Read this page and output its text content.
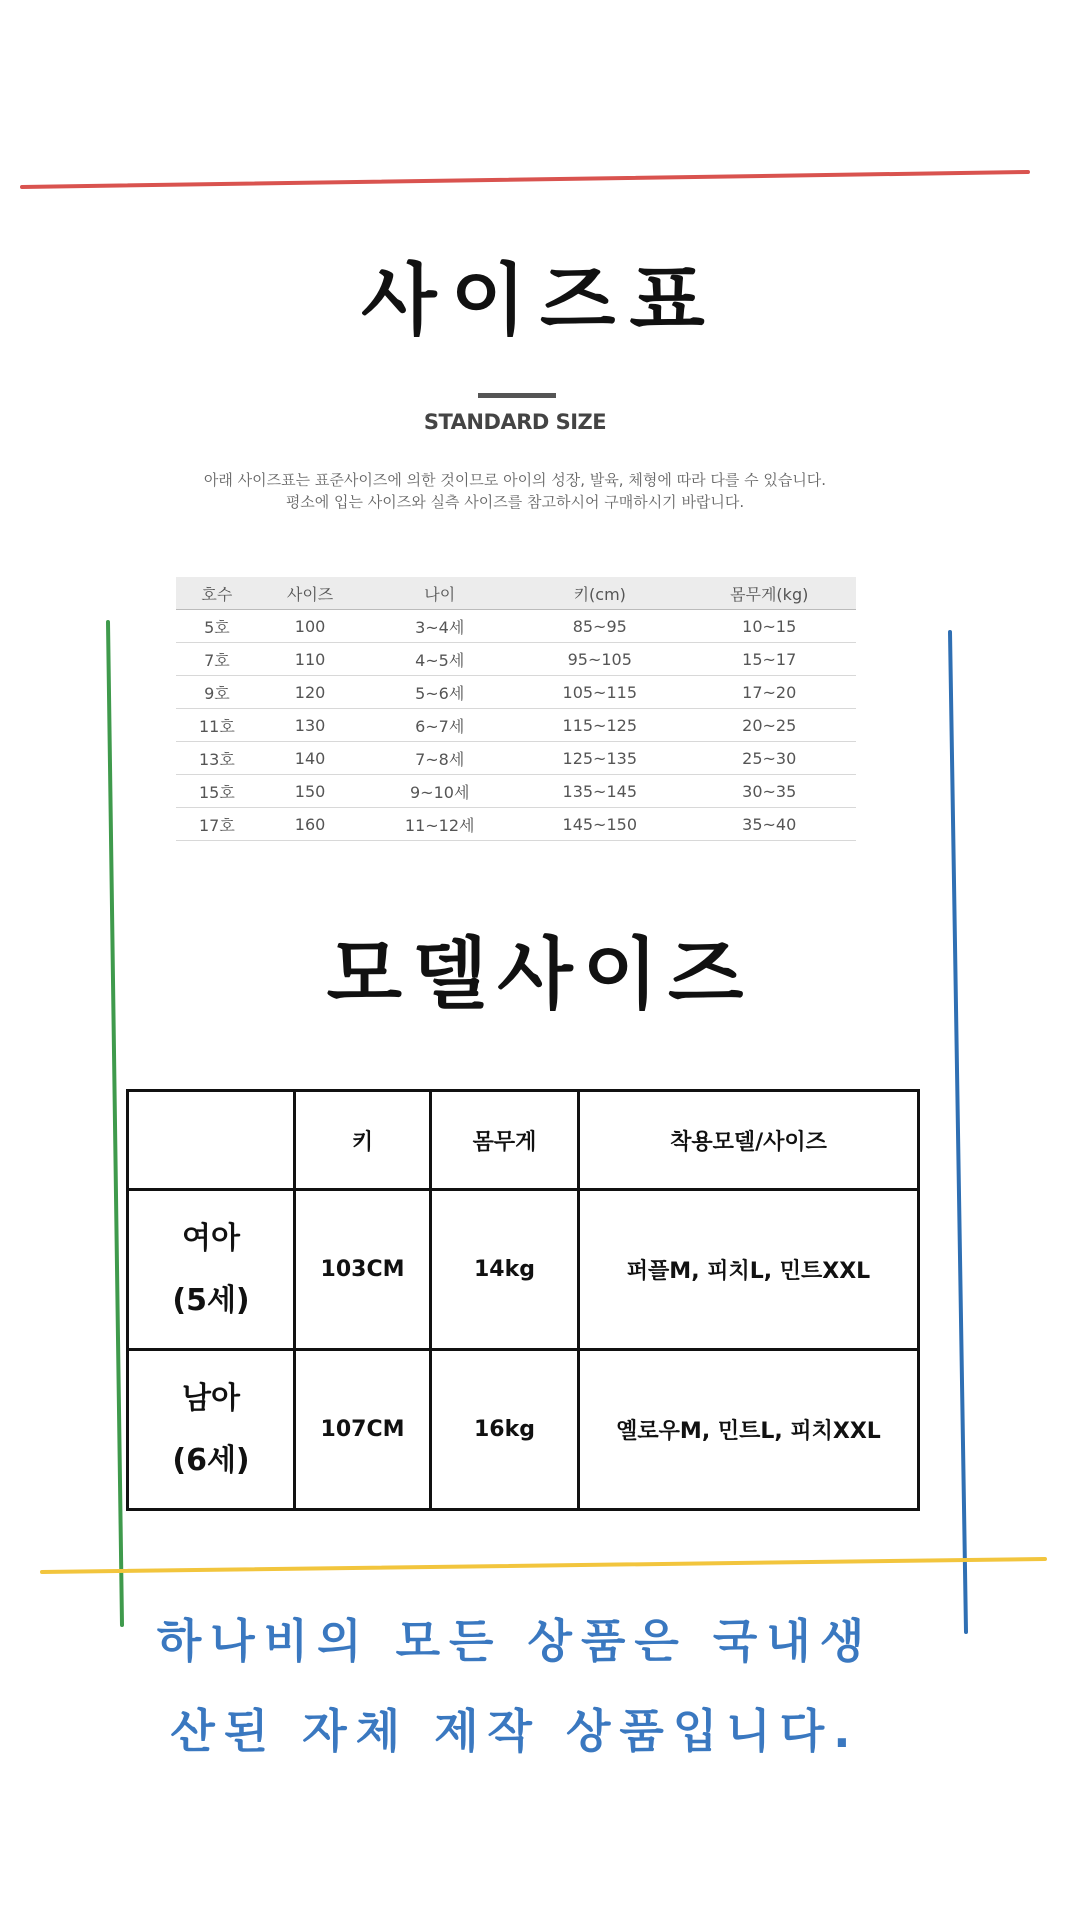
사이즈표
STANDARD SIZE
아래 사이즈표는 표준사이즈에 의한 것이므로 아이의 성장, 발육, 체형에 따라 다를 수 있습니다.
평소에 입는 사이즈와 실측 사이즈를 참고하시어 구매하시기 바랍니다.
호수	사이즈	나이	키(cm)	몸무게(kg)
5호	100	3~4세	85~95	10~15
7호	110	4~5세	95~105	15~17
9호	120	5~6세	105~115	17~20
11호	130	6~7세	115~125	20~25
13호	140	7~8세	125~135	25~30
15호	150	9~10세	135~145	30~35
17호	160	11~12세	145~150	35~40
모델사이즈
	키	몸무게	착용모델/사이즈

여아
(5세)	103CM	14kg	퍼플M, 피치L, 민트XXL

남아
(6세)	107CM	16kg	옐로우M, 민트L, 피치XXL
하나비의 모든 상품은 국내생
산된 자체 제작 상품입니다.
